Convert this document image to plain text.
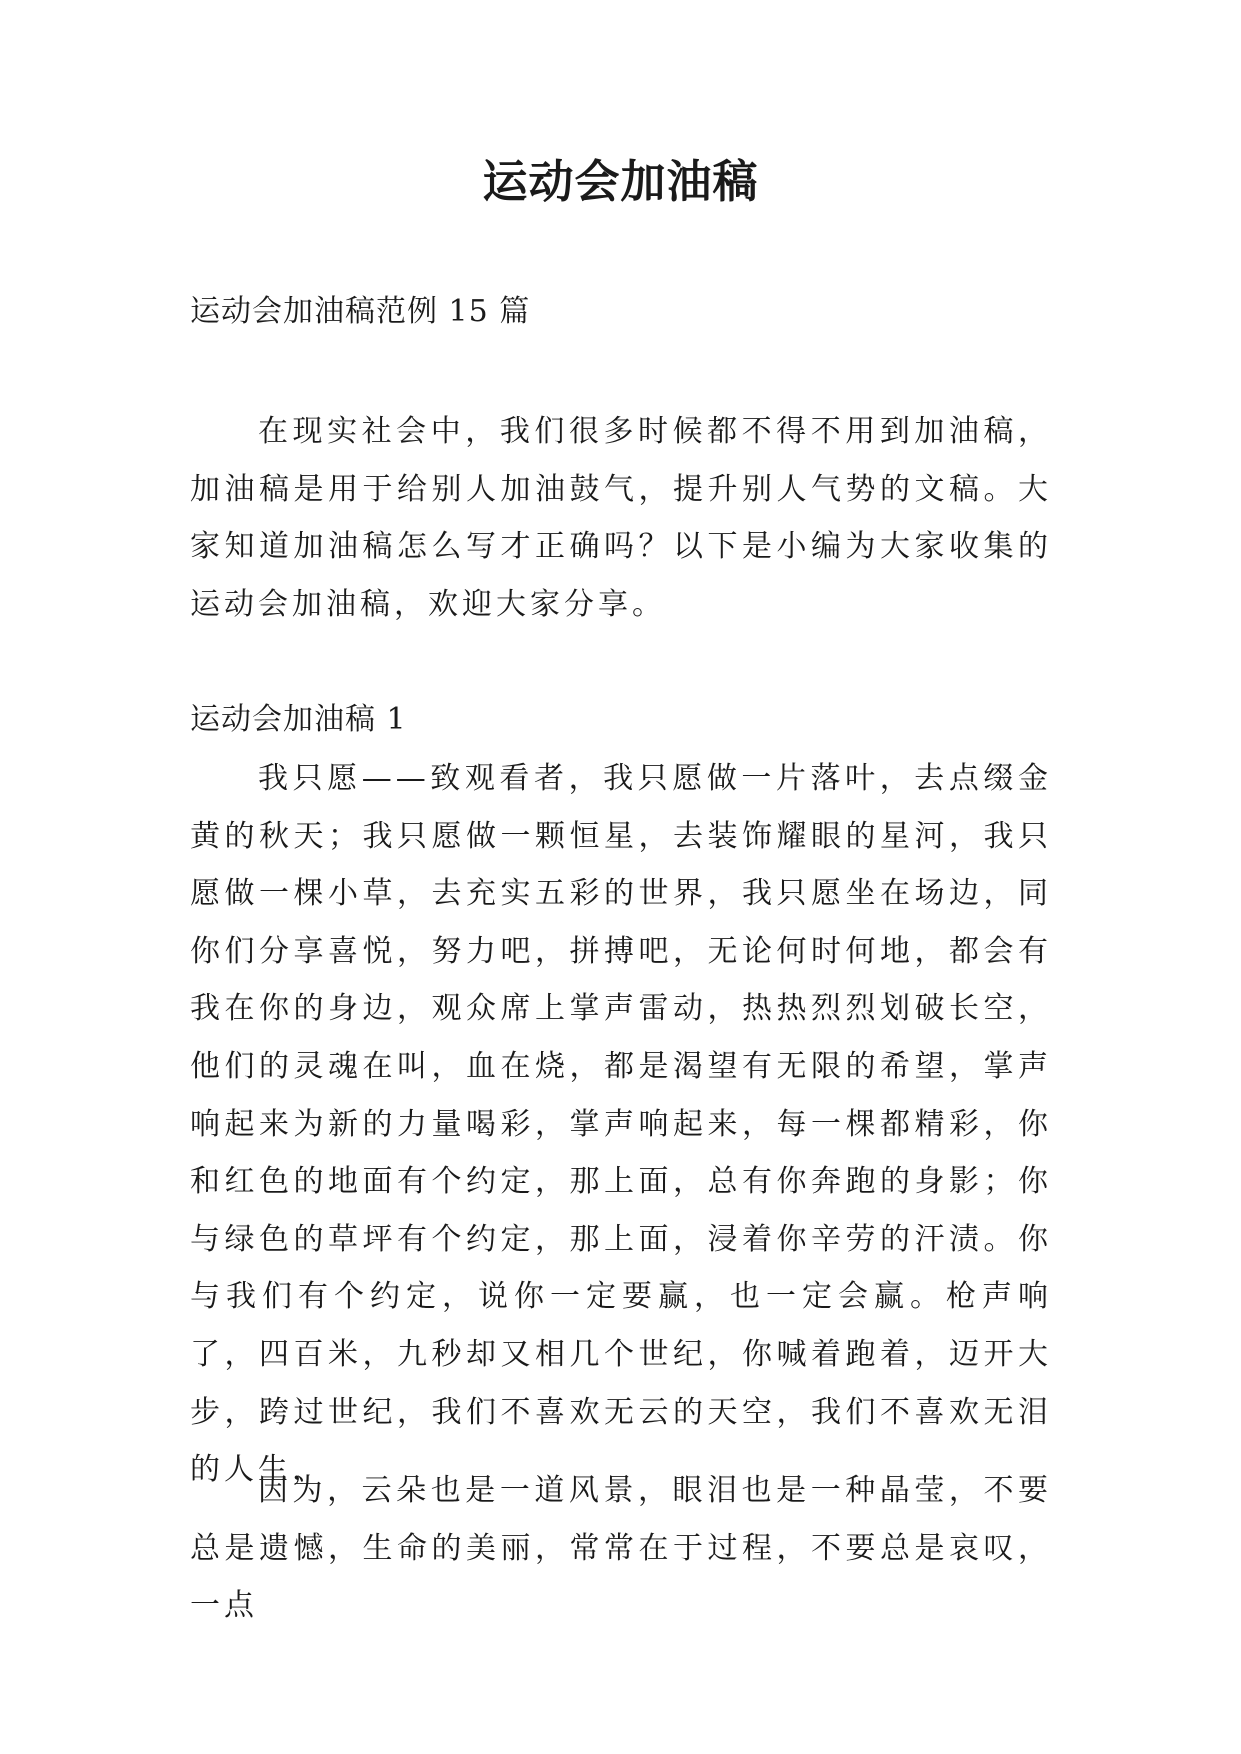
运动会加油稿

运动会加油稿范例 15 篇

在现实社会中，我们很多时候都不得不用到加油稿，加油稿是用于给别人加油鼓气，提升别人气势的文稿。大家知道加油稿怎么写才正确吗？以下是小编为大家收集的运动会加油稿，欢迎大家分享。

运动会加油稿 1

我只愿——致观看者，我只愿做一片落叶，去点缀金黄的秋天；我只愿做一颗恒星，去装饰耀眼的星河，我只愿做一棵小草，去充实五彩的世界，我只愿坐在场边，同你们分享喜悦，努力吧，拼搏吧，无论何时何地，都会有我在你的身边，观众席上掌声雷动，热热烈烈划破长空，他们的灵魂在叫，血在烧，都是渴望有无限的希望，掌声响起来为新的力量喝彩，掌声响起来，每一棵都精彩，你和红色的地面有个约定，那上面，总有你奔跑的身影；你与绿色的草坪有个约定，那上面，浸着你辛劳的汗渍。你与我们有个约定，说你一定要赢，也一定会赢。枪声响了，四百米，九秒却又相几个世纪，你喊着跑着，迈开大步，跨过世纪，我们不喜欢无云的天空，我们不喜欢无泪的人生，

因为，云朵也是一道风景，眼泪也是一种晶莹，不要总是遗憾，生命的美丽，常常在于过程，不要总是哀叹，一点
